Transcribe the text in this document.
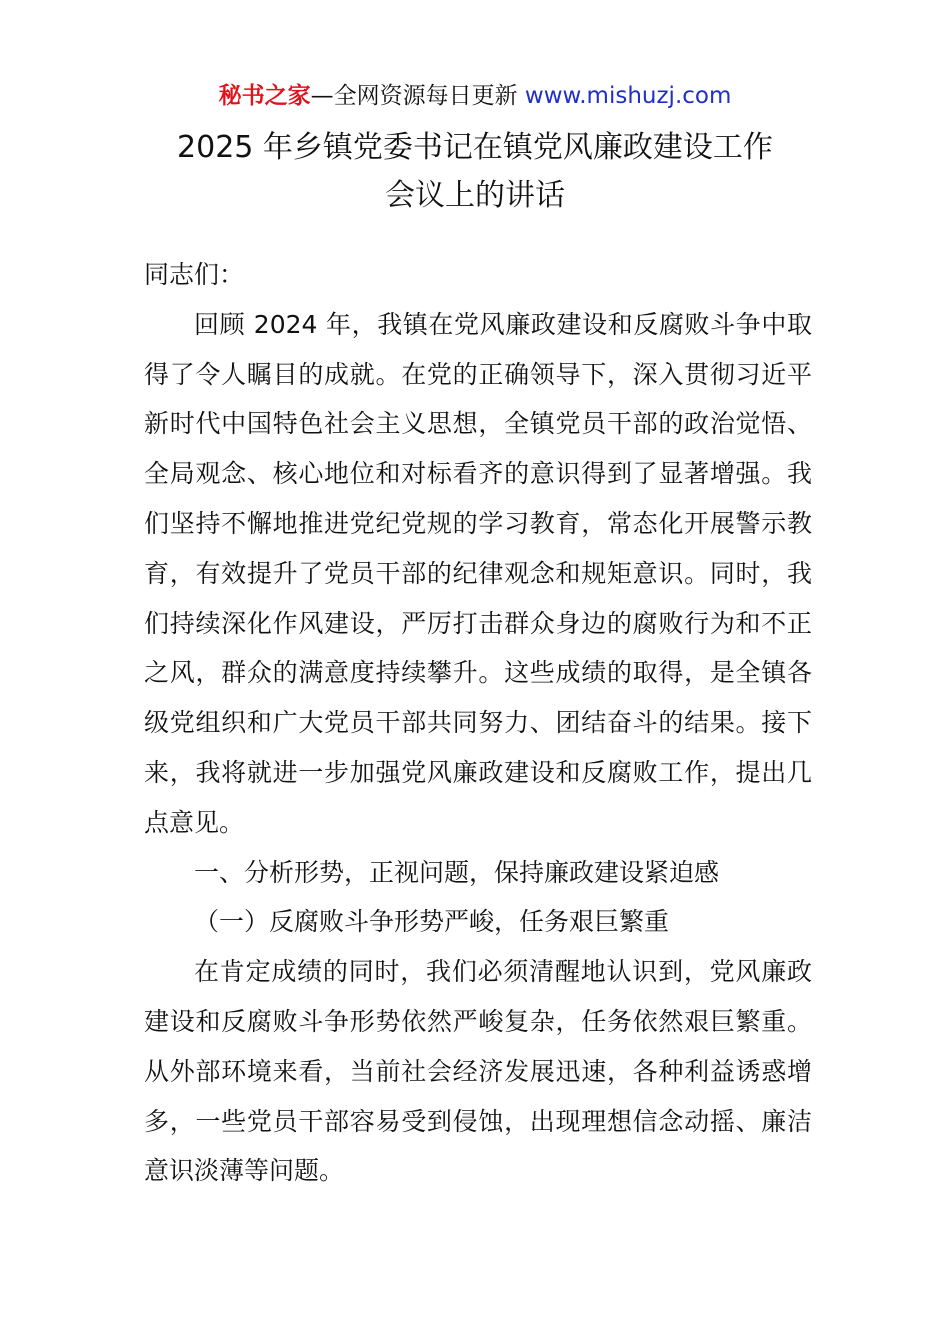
秘书之家—全网资源每日更新 www.mishuzj.com
2025 年乡镇党委书记在镇党风廉政建设工作
会议上的讲话

同志们：

回顾 2024 年，我镇在党风廉政建设和反腐败斗争中取得了令人瞩目的成就。在党的正确领导下，深入贯彻习近平新时代中国特色社会主义思想，全镇党员干部的政治觉悟、全局观念、核心地位和对标看齐的意识得到了显著增强。我们坚持不懈地推进党纪党规的学习教育，常态化开展警示教育，有效提升了党员干部的纪律观念和规矩意识。同时，我们持续深化作风建设，严厉打击群众身边的腐败行为和不正之风，群众的满意度持续攀升。这些成绩的取得，是全镇各级党组织和广大党员干部共同努力、团结奋斗的结果。接下来，我将就进一步加强党风廉政建设和反腐败工作，提出几点意见。

一、分析形势，正视问题，保持廉政建设紧迫感

（一）反腐败斗争形势严峻，任务艰巨繁重

在肯定成绩的同时，我们必须清醒地认识到，党风廉政建设和反腐败斗争形势依然严峻复杂，任务依然艰巨繁重。从外部环境来看，当前社会经济发展迅速，各种利益诱惑增多，一些党员干部容易受到侵蚀，出现理想信念动摇、廉洁意识淡薄等问题。
